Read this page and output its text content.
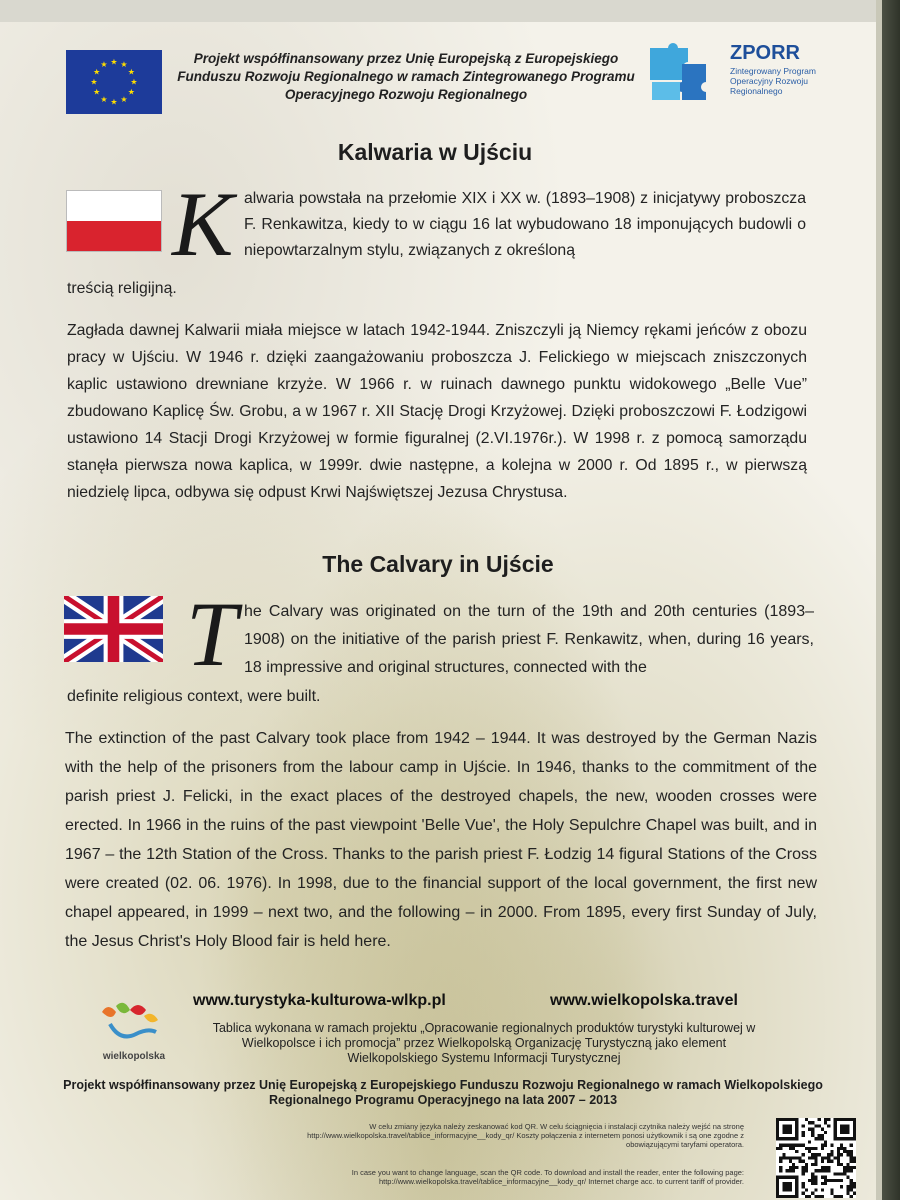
★
★
★
★
★
★
★
★
★ ★ ★
★
Projekt współfinansowany przez Unię Europejską z Europejskiego Funduszu Rozwoju Regionalnego w ramach Zintegrowanego Programu Operacyjnego Rozwoju Regionalnego
ZPORR
Zintegrowany Program Operacyjny Rozwoju Regionalnego
Kalwaria w Ujściu
K alwaria powstała na przełomie XIX i XX w. (1893–1908) z inicjatywy proboszcza F. Renkawitza, kiedy to w ciągu 16 lat wybudowano 18 imponujących budowli o niepowtarzalnym stylu, związanych z określoną

treścią religijną.

Zagłada dawnej Kalwarii miała miejsce w latach 1942-1944. Zniszczyli ją Niemcy rękami jeńców z obozu pracy w Ujściu. W 1946 r. dzięki zaangażowaniu proboszcza J. Felickiego w miejscach zniszczonych kaplic ustawiono drewniane krzyże. W 1966 r. w ruinach dawnego punktu widokowego „Belle Vue” zbudowano Kaplicę Św. Grobu, a w 1967 r. XII Stację Drogi Krzyżowej. Dzięki proboszczowi F. Łodzigowi ustawiono 14 Stacji Drogi Krzyżowej w formie figuralnej (2.VI.1976r.). W 1998 r. z pomocą samorządu stanęła pierwsza nowa kaplica, w 1999r. dwie następne, a kolejna w 2000 r. Od 1895 r., w pierwszą niedzielę lipca, odbywa się odpust Krwi Najświętszej Jezusa Chrystusa.

The Calvary in Ujście
T he Calvary was originated on the turn of the 19th and 20th centuries (1893–1908) on the initiative of the parish priest F. Renkawitz, when, during 16 years, 18 impressive and original structures, connected with the

definite religious context, were built.

The extinction of the past Calvary took place from 1942 – 1944. It was destroyed by the German Nazis with the help of the prisoners from the labour camp in Ujście. In 1946, thanks to the commitment of the parish priest J. Felicki, in the exact places of the destroyed chapels, the new, wooden crosses were erected. In 1966 in the ruins of the past viewpoint 'Belle Vue', the Holy Sepulchre Chapel was built, and in 1967 – the 12th Station of the Cross. Thanks to the parish priest F. Łodzig 14 figural Stations of the Cross were created (02. 06. 1976). In 1998, due to the financial support of the local government, the first new chapel appeared, in 1999 – next two, and the following – in 2000. From 1895, every first Sunday of July, the Jesus Christ's Holy Blood fair is held here.

wielkopolska
www.turystyka-kulturowa-wlkp.pl	www.wielkopolska.travel
Tablica wykonana w ramach projektu „Opracowanie regionalnych produktów turystyki kulturowej w Wielkopolsce i ich promocja” przez Wielkopolską Organizację Turystyczną jako element Wielkopolskiego Systemu Informacji Turystycznej
Projekt współfinansowany przez Unię Europejską z Europejskiego Funduszu Rozwoju Regionalnego w ramach Wielkopolskiego Regionalnego Programu Operacyjnego na lata 2007 – 2013
W celu zmiany języka należy zeskanować kod QR. W celu ściągnięcia i instalacji czytnika należy wejść na stronę http://www.wielkopolska.travel/tablice_informacyjne__kody_qr/ Koszty połączenia z internetem ponosi użytkownik i są one zgodne z obowiązującymi taryfami operatora.
In case you want to change language, scan the QR code. To download and install the reader, enter the following page: http://www.wielkopolska.travel/tablice_informacyjne__kody_qr/ Internet charge acc. to current tariff of provider.
